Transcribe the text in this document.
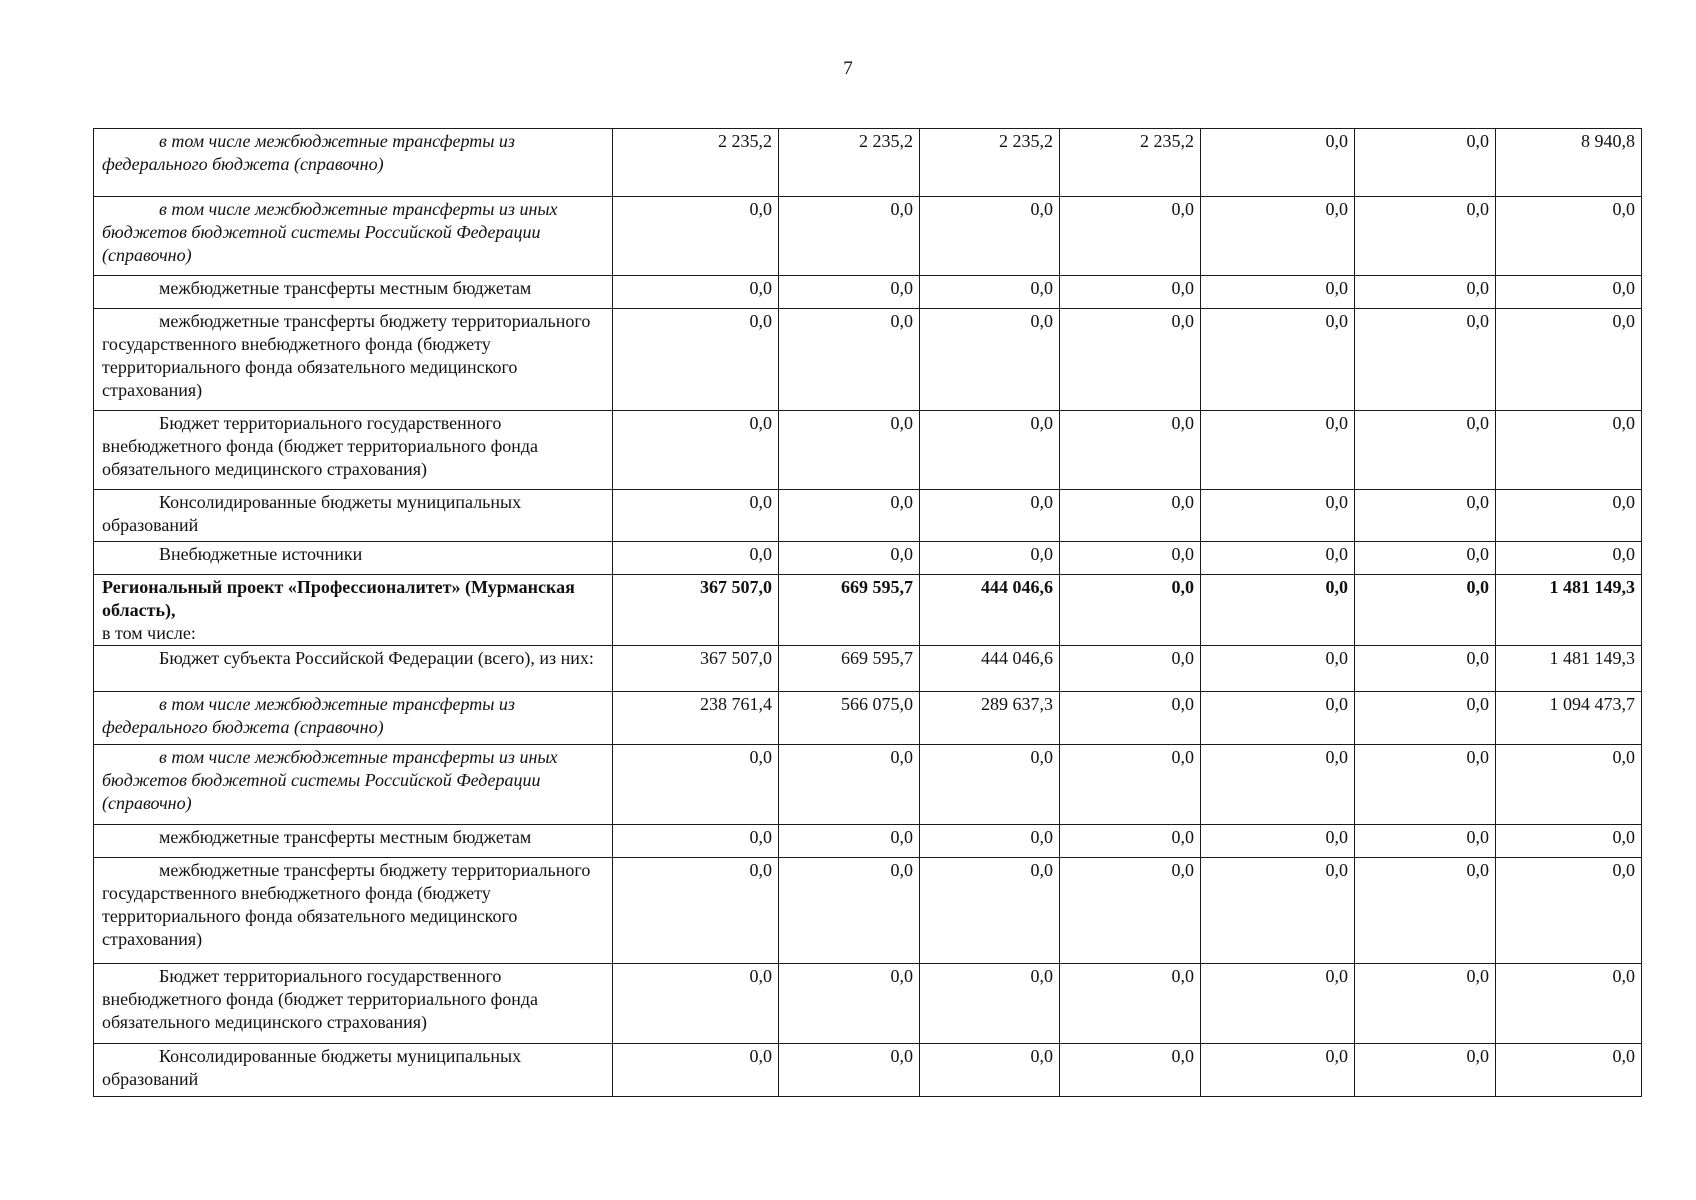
7
в том числе межбюджетные трансферты из федерального бюджета (справочно)	2 235,2	2 235,2	2 235,2	2 235,2	0,0	0,0	8 940,8

в том числе межбюджетные трансферты из иных бюджетов бюджетной системы Российской Федерации (справочно)	0,0	0,0	0,0	0,0	0,0	0,0	0,0

межбюджетные трансферты местным бюджетам	0,0	0,0	0,0	0,0	0,0	0,0	0,0

межбюджетные трансферты бюджету территориального государственного внебюджетного фонда (бюджету территориального фонда обязательного медицинского страхования)	0,0	0,0	0,0	0,0	0,0	0,0	0,0

Бюджет территориального государственного внебюджетного фонда (бюджет территориального фонда обязательного медицинского страхования)	0,0	0,0	0,0	0,0	0,0	0,0	0,0

Консолидированные бюджеты муниципальных образований	0,0	0,0	0,0	0,0	0,0	0,0	0,0

Внебюджетные источники	0,0	0,0	0,0	0,0	0,0	0,0	0,0

Региональный проект «Профессионалитет» (Мурманская область),
в том числе:	367 507,0	669 595,7	444 046,6	0,0	0,0	0,0	1 481 149,3

Бюджет субъекта Российской Федерации (всего), из них:	367 507,0	669 595,7	444 046,6	0,0	0,0	0,0	1 481 149,3

в том числе межбюджетные трансферты из федерального бюджета (справочно)	238 761,4	566 075,0	289 637,3	0,0	0,0	0,0	1 094 473,7

в том числе межбюджетные трансферты из иных бюджетов бюджетной системы Российской Федерации (справочно)	0,0	0,0	0,0	0,0	0,0	0,0	0,0

межбюджетные трансферты местным бюджетам	0,0	0,0	0,0	0,0	0,0	0,0	0,0

межбюджетные трансферты бюджету территориального государственного внебюджетного фонда (бюджету территориального фонда обязательного медицинского страхования)	0,0	0,0	0,0	0,0	0,0	0,0	0,0

Бюджет территориального государственного внебюджетного фонда (бюджет территориального фонда обязательного медицинского страхования)	0,0	0,0	0,0	0,0	0,0	0,0	0,0

Консолидированные бюджеты муниципальных образований	0,0	0,0	0,0	0,0	0,0	0,0	0,0
